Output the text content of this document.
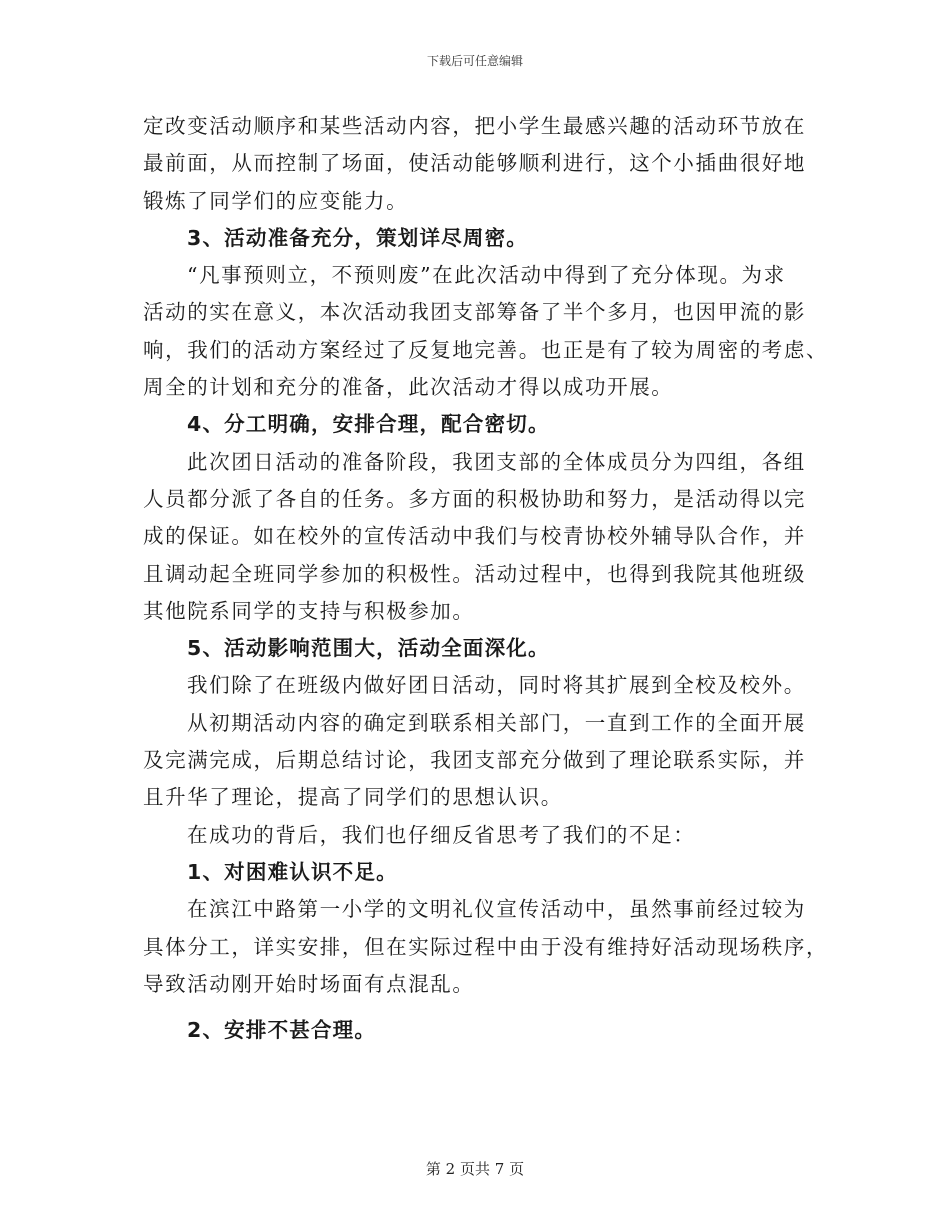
下载后可任意编辑
定改变活动顺序和某些活动内容，把小学生最感兴趣的活动环节放在
最前面，从而控制了场面，使活动能够顺利进行，这个小插曲很好地
锻炼了同学们的应变能力。
3、活动准备充分，策划详尽周密。
“凡事预则立，不预则废”在此次活动中得到了充分体现。为求
活动的实在意义，本次活动我团支部筹备了半个多月，也因甲流的影
响，我们的活动方案经过了反复地完善。也正是有了较为周密的考虑、
周全的计划和充分的准备，此次活动才得以成功开展。
4、分工明确，安排合理，配合密切。
此次团日活动的准备阶段，我团支部的全体成员分为四组，各组
人员都分派了各自的任务。多方面的积极协助和努力，是活动得以完
成的保证。如在校外的宣传活动中我们与校青协校外辅导队合作，并
且调动起全班同学参加的积极性。活动过程中，也得到我院其他班级
其他院系同学的支持与积极参加。
5、活动影响范围大，活动全面深化。
我们除了在班级内做好团日活动，同时将其扩展到全校及校外。
从初期活动内容的确定到联系相关部门，一直到工作的全面开展
及完满完成，后期总结讨论，我团支部充分做到了理论联系实际，并
且升华了理论，提高了同学们的思想认识。
在成功的背后，我们也仔细反省思考了我们的不足：
1、对困难认识不足。
在滨江中路第一小学的文明礼仪宣传活动中，虽然事前经过较为
具体分工，详实安排，但在实际过程中由于没有维持好活动现场秩序，
导致活动刚开始时场面有点混乱。
2、安排不甚合理。
第 2 页共 7 页
